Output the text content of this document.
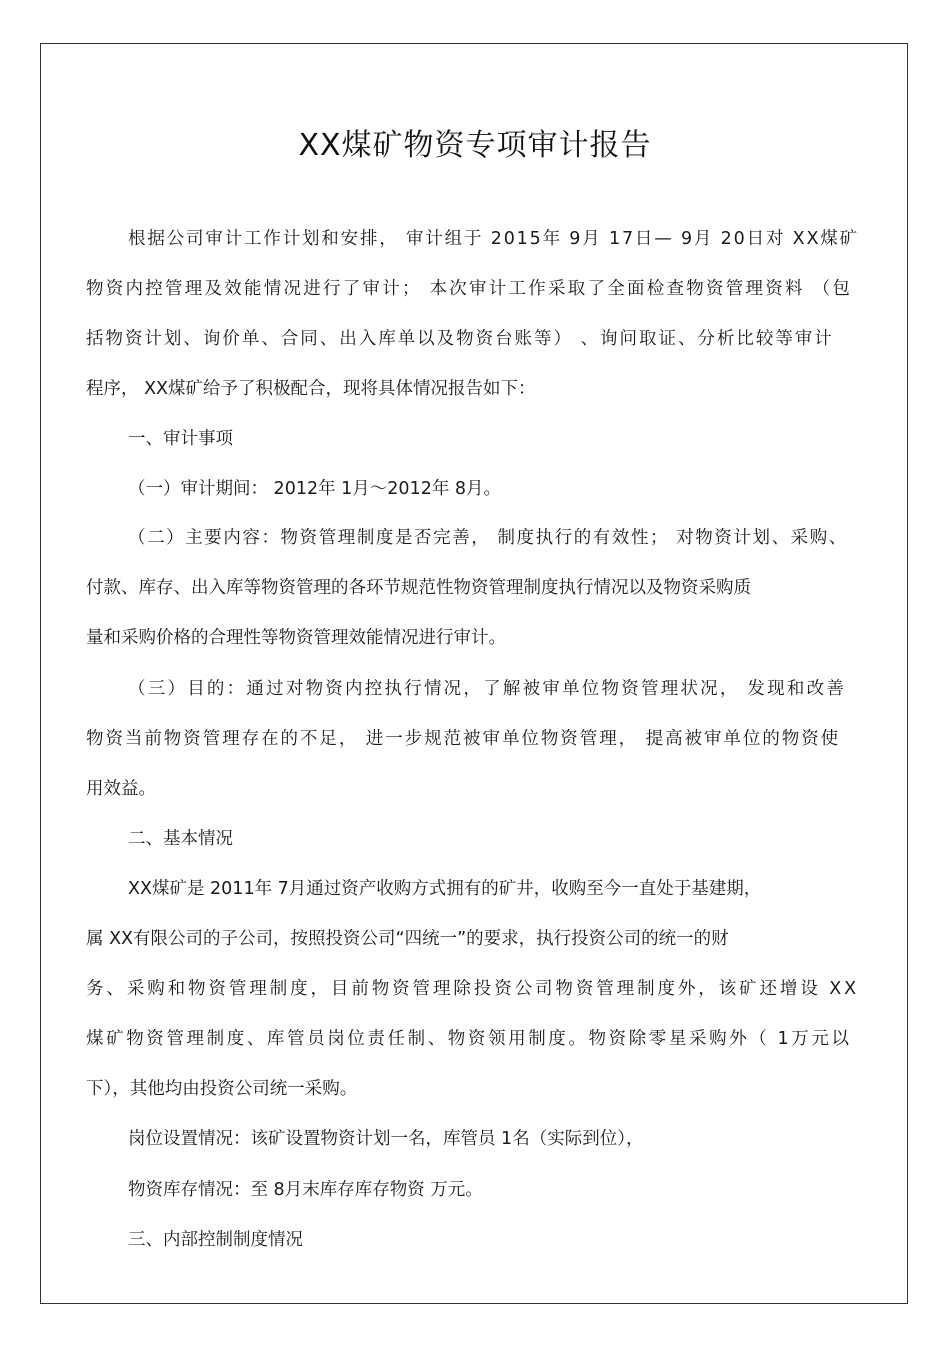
XX煤矿物资专项审计报告
根据公司审计工作计划和安排， 审计组于 2015年 9月 17日— 9月 20日对 XX煤矿
物资内控管理及效能情况进行了审计； 本次审计工作采取了全面检查物资管理资料 （包
括物资计划、询价单、合同、出入库单以及物资台账等） 、询问取证、分析比较等审计
程序， XX煤矿给予了积极配合，现将具体情况报告如下：
一、审计事项
（一）审计期间： 2012年 1月～2012年 8月。
（二）主要内容：物资管理制度是否完善， 制度执行的有效性； 对物资计划、采购、
付款、库存、出入库等物资管理的各环节规范性物资管理制度执行情况以及物资采购质
量和采购价格的合理性等物资管理效能情况进行审计。
（三）目的：通过对物资内控执行情况，了解被审单位物资管理状况， 发现和改善
物资当前物资管理存在的不足， 进一步规范被审单位物资管理， 提高被审单位的物资使
用效益。
二、基本情况
XX煤矿是 2011年 7月通过资产收购方式拥有的矿井，收购至今一直处于基建期，
属 XX有限公司的子公司，按照投资公司“四统一”的要求，执行投资公司的统一的财
务、采购和物资管理制度，目前物资管理除投资公司物资管理制度外，该矿还增设 XX
煤矿物资管理制度、库管员岗位责任制、物资领用制度。物资除零星采购外（ 1万元以
下），其他均由投资公司统一采购。
岗位设置情况：该矿设置物资计划一名，库管员 1名（实际到位），
物资库存情况：至 8月末库存库存物资 万元。
三、内部控制制度情况
